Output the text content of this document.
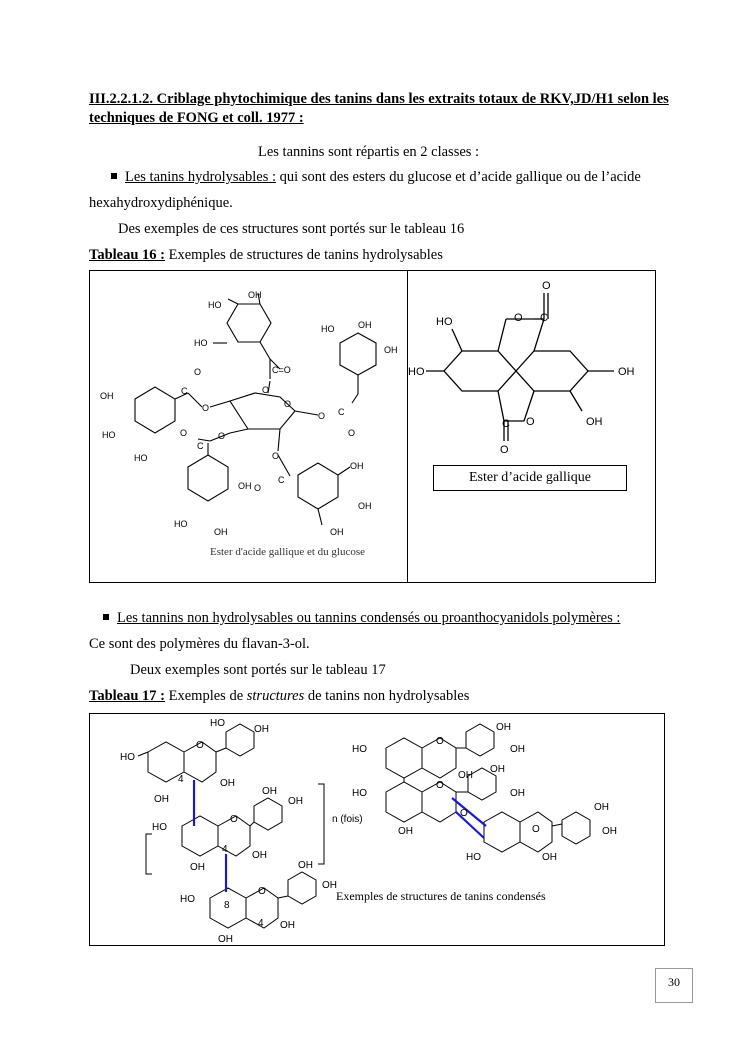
III.2.2.1.2. Criblage phytochimique des tanins dans les extraits totaux de RKV,JD/H1 selon les techniques de FONG et coll. 1977 :
Les tannins sont répartis en 2 classes :
Les tanins hydrolysables : qui sont des esters du glucose et d’acide gallique ou de l’acide
hexahydroxydiphénique.
Des exemples de ces structures sont portés sur le tableau 16
Tableau 16 : Exemples de structures de tanins hydrolysables
OH
HO
HO
C=O
O
HO	OH
OH
O
O C
O
OH
HO
HO
C
O
O
O
C
O
OH
HO
OH
O
O
C
OH
OH
OH
Ester d'acide gallique et du glucose
O
C
O
HO
HO	OH
OH
C O
O
Ester d’acide gallique
Les tannins non hydrolysables ou tannins condensés ou proanthocyanidols polymères :
Ce sont des polymères du flavan-3-ol.
Deux exemples sont portés sur le tableau 17
Tableau 17 : Exemples de structures de tanins non hydrolysables
HO
OH
HO
O
OH
OH
4
OH
OH
HO
O
OH
4
OH	OH
OH
HO
8
O
4 OH
OH
n (fois)
HO
O
OH
OH
OH
OH
OH
HO
O
O
OH
OH
OH
O
OH
HO
Exemples de structures de tanins condensés
30
